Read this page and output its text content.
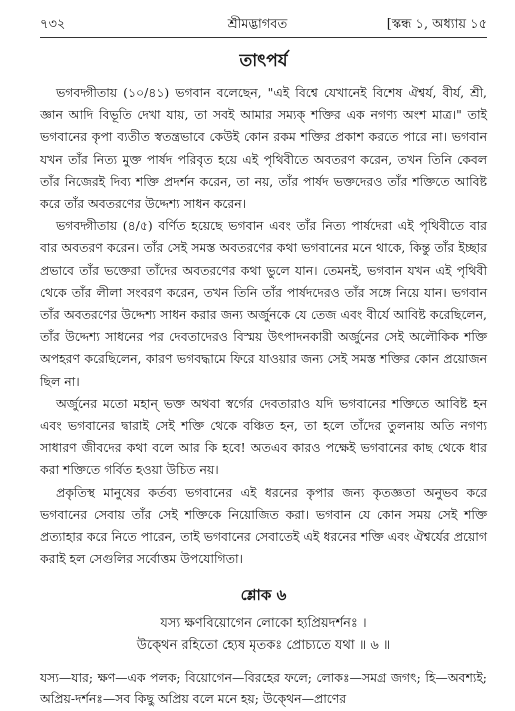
৭৩২	শ্রীমদ্ভাগবত	[স্কন্ধ ১, অধ্যায় ১৫
তাৎপর্য

ভগবদ্গীতায় (১০/৪১) ভগবান বলেছেন, "এই বিশ্বে যেখানেই বিশেষ ঐশ্বর্য, বীর্য, শ্রী, জ্ঞান আদি বিভূতি দেখা যায়, তা সবই আমার সম্যক্ শক্তির এক নগণ্য অংশ মাত্র।" তাই ভগবানের কৃপা ব্যতীত স্বতন্ত্রভাবে কেউই কোন রকম শক্তির প্রকাশ করতে পারে না। ভগবান যখন তাঁর নিত্য মুক্ত পার্ষদ পরিবৃত হয়ে এই পৃথিবীতে অবতরণ করেন, তখন তিনি কেবল তাঁর নিজেরই দিব্য শক্তি প্রদর্শন করেন, তা নয়, তাঁর পার্ষদ ভক্তদেরও তাঁর শক্তিতে আবিষ্ট করে তাঁর অবতরণের উদ্দেশ্য সাধন করেন।

ভগবদ্গীতায় (৪/৫) বর্ণিত হয়েছে ভগবান এবং তাঁর নিত্য পার্ষদেরা এই পৃথিবীতে বার বার অবতরণ করেন। তাঁর সেই সমস্ত অবতরণের কথা ভগবানের মনে থাকে, কিন্তু তাঁর ইচ্ছার প্রভাবে তাঁর ভক্তেরা তাঁদের অবতরণের কথা ভুলে যান। তেমনই, ভগবান যখন এই পৃথিবী থেকে তাঁর লীলা সংবরণ করেন, তখন তিনি তাঁর পার্ষদদেরও তাঁর সঙ্গে নিয়ে যান। ভগবান তাঁর অবতরণের উদ্দেশ্য সাধন করার জন্য অর্জুনকে যে তেজ এবং বীর্যে আবিষ্ট করেছিলেন, তাঁর উদ্দেশ্য সাধনের পর দেবতাদেরও বিস্ময় উৎপাদনকারী অর্জুনের সেই অলৌকিক শক্তি অপহরণ করেছিলেন, কারণ ভগবদ্ধামে ফিরে যাওয়ার জন্য সেই সমস্ত শক্তির কোন প্রয়োজন ছিল না।

অর্জুনের মতো মহান্ ভক্ত অথবা স্বর্গের দেবতারাও যদি ভগবানের শক্তিতে আবিষ্ট হন এবং ভগবানের দ্বারাই সেই শক্তি থেকে বঞ্চিত হন, তা হলে তাঁদের তুলনায় অতি নগণ্য সাধারণ জীবদের কথা বলে আর কি হবে! অতএব কারও পক্ষেই ভগবানের কাছ থেকে ধার করা শক্তিতে গর্বিত হওয়া উচিত নয়।

প্রকৃতিস্থ মানুষের কর্তব্য ভগবানের এই ধরনের কৃপার জন্য কৃতজ্ঞতা অনুভব করে ভগবানের সেবায় তাঁর সেই শক্তিকে নিয়োজিত করা। ভগবান যে কোন সময় সেই শক্তি প্রত্যাহার করে নিতে পারেন, তাই ভগবানের সেবাতেই এই ধরনের শক্তি এবং ঐশ্বর্যের প্রয়োগ করাই হল সেগুলির সর্বোত্তম উপযোগিতা।

শ্লোক ৬

যস্য ক্ষণবিয়োগেন লোকো হ্যপ্রিয়দর্শনঃ ।

উক্থেন রহিতো হ্যেষ মৃতকঃ প্রোচ্যতে যথা ॥ ৬ ॥

যস্য—যার; ক্ষণ—এক পলক; বিয়োগেন—বিরহের ফলে; লোকঃ—সমগ্র জগৎ; হি—অবশ্যই; অপ্রিয়-দর্শনঃ—সব কিছু অপ্রিয় বলে মনে হয়; উক্থেন—প্রাণের
